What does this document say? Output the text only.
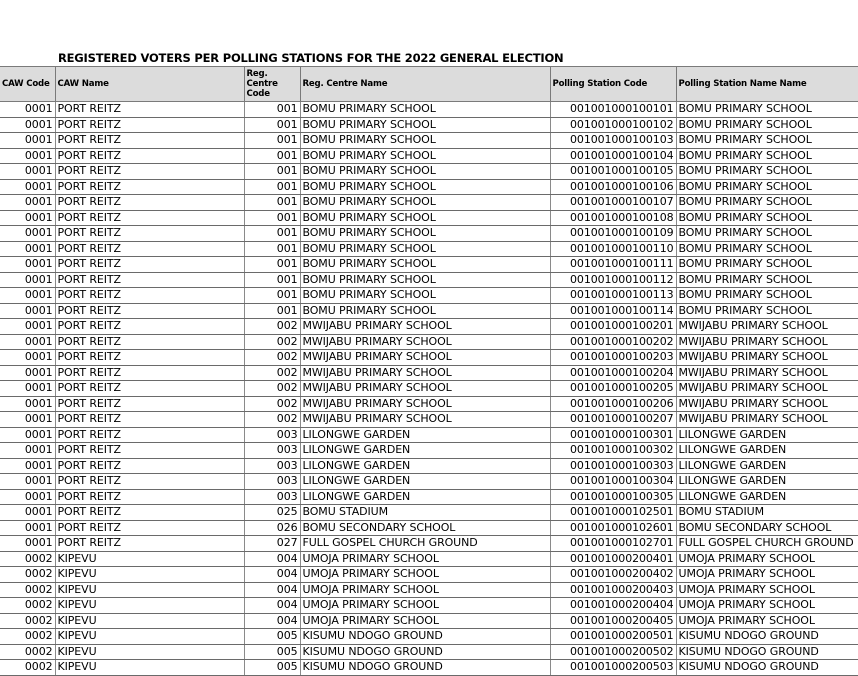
REGISTERED VOTERS PER POLLING STATIONS FOR THE 2022 GENERAL ELECTION
CAW Code	CAW Name	Reg. Centre Code	Reg. Centre Name	Polling Station Code	Polling Station Name Name
0001	PORT REITZ	001	BOMU PRIMARY SCHOOL	001001000100101	BOMU PRIMARY SCHOOL
0001	PORT REITZ	001	BOMU PRIMARY SCHOOL	001001000100102	BOMU PRIMARY SCHOOL
0001	PORT REITZ	001	BOMU PRIMARY SCHOOL	001001000100103	BOMU PRIMARY SCHOOL
0001	PORT REITZ	001	BOMU PRIMARY SCHOOL	001001000100104	BOMU PRIMARY SCHOOL
0001	PORT REITZ	001	BOMU PRIMARY SCHOOL	001001000100105	BOMU PRIMARY SCHOOL
0001	PORT REITZ	001	BOMU PRIMARY SCHOOL	001001000100106	BOMU PRIMARY SCHOOL
0001	PORT REITZ	001	BOMU PRIMARY SCHOOL	001001000100107	BOMU PRIMARY SCHOOL
0001	PORT REITZ	001	BOMU PRIMARY SCHOOL	001001000100108	BOMU PRIMARY SCHOOL
0001	PORT REITZ	001	BOMU PRIMARY SCHOOL	001001000100109	BOMU PRIMARY SCHOOL
0001	PORT REITZ	001	BOMU PRIMARY SCHOOL	001001000100110	BOMU PRIMARY SCHOOL
0001	PORT REITZ	001	BOMU PRIMARY SCHOOL	001001000100111	BOMU PRIMARY SCHOOL
0001	PORT REITZ	001	BOMU PRIMARY SCHOOL	001001000100112	BOMU PRIMARY SCHOOL
0001	PORT REITZ	001	BOMU PRIMARY SCHOOL	001001000100113	BOMU PRIMARY SCHOOL
0001	PORT REITZ	001	BOMU PRIMARY SCHOOL	001001000100114	BOMU PRIMARY SCHOOL
0001	PORT REITZ	002	MWIJABU PRIMARY SCHOOL	001001000100201	MWIJABU PRIMARY SCHOOL
0001	PORT REITZ	002	MWIJABU PRIMARY SCHOOL	001001000100202	MWIJABU PRIMARY SCHOOL
0001	PORT REITZ	002	MWIJABU PRIMARY SCHOOL	001001000100203	MWIJABU PRIMARY SCHOOL
0001	PORT REITZ	002	MWIJABU PRIMARY SCHOOL	001001000100204	MWIJABU PRIMARY SCHOOL
0001	PORT REITZ	002	MWIJABU PRIMARY SCHOOL	001001000100205	MWIJABU PRIMARY SCHOOL
0001	PORT REITZ	002	MWIJABU PRIMARY SCHOOL	001001000100206	MWIJABU PRIMARY SCHOOL
0001	PORT REITZ	002	MWIJABU PRIMARY SCHOOL	001001000100207	MWIJABU PRIMARY SCHOOL
0001	PORT REITZ	003	LILONGWE GARDEN	001001000100301	LILONGWE GARDEN
0001	PORT REITZ	003	LILONGWE GARDEN	001001000100302	LILONGWE GARDEN
0001	PORT REITZ	003	LILONGWE GARDEN	001001000100303	LILONGWE GARDEN
0001	PORT REITZ	003	LILONGWE GARDEN	001001000100304	LILONGWE GARDEN
0001	PORT REITZ	003	LILONGWE GARDEN	001001000100305	LILONGWE GARDEN
0001	PORT REITZ	025	BOMU STADIUM	001001000102501	BOMU STADIUM
0001	PORT REITZ	026	BOMU SECONDARY SCHOOL	001001000102601	BOMU SECONDARY SCHOOL
0001	PORT REITZ	027	FULL GOSPEL CHURCH GROUND	001001000102701	FULL GOSPEL CHURCH GROUND
0002	KIPEVU	004	UMOJA PRIMARY SCHOOL	001001000200401	UMOJA PRIMARY SCHOOL
0002	KIPEVU	004	UMOJA PRIMARY SCHOOL	001001000200402	UMOJA PRIMARY SCHOOL
0002	KIPEVU	004	UMOJA PRIMARY SCHOOL	001001000200403	UMOJA PRIMARY SCHOOL
0002	KIPEVU	004	UMOJA PRIMARY SCHOOL	001001000200404	UMOJA PRIMARY SCHOOL
0002	KIPEVU	004	UMOJA PRIMARY SCHOOL	001001000200405	UMOJA PRIMARY SCHOOL
0002	KIPEVU	005	KISUMU NDOGO GROUND	001001000200501	KISUMU NDOGO GROUND
0002	KIPEVU	005	KISUMU NDOGO GROUND	001001000200502	KISUMU NDOGO GROUND
0002	KIPEVU	005	KISUMU NDOGO GROUND	001001000200503	KISUMU NDOGO GROUND
